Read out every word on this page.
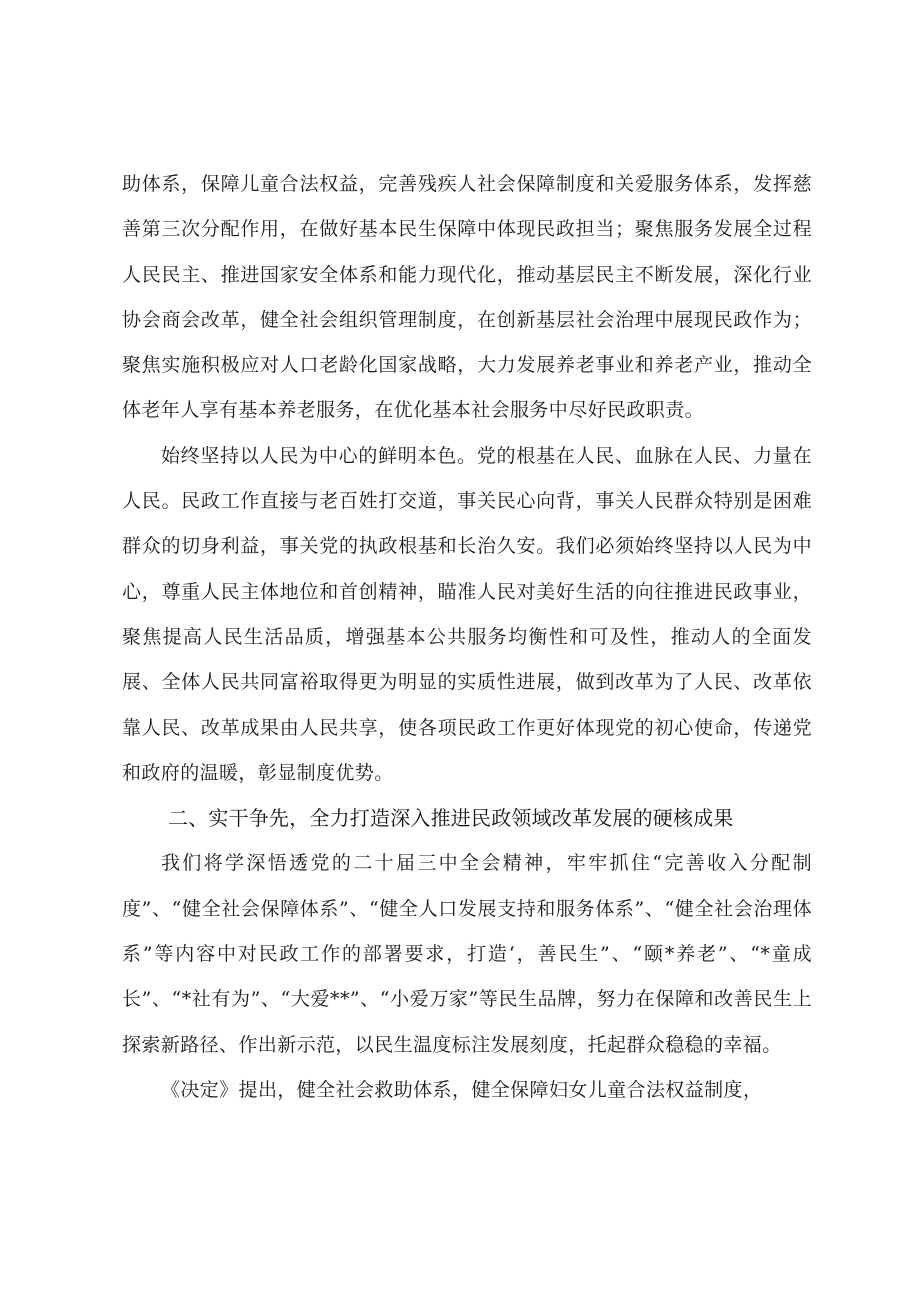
助体系，保障儿童合法权益，完善残疾人社会保障制度和关爱服务体系，发挥慈善第三次分配作用，在做好基本民生保障中体现民政担当；聚焦服务发展全过程人民民主、推进国家安全体系和能力现代化，推动基层民主不断发展，深化行业协会商会改革，健全社会组织管理制度，在创新基层社会治理中展现民政作为；聚焦实施积极应对人口老龄化国家战略，大力发展养老事业和养老产业，推动全体老年人享有基本养老服务，在优化基本社会服务中尽好民政职责。

始终坚持以人民为中心的鲜明本色。党的根基在人民、血脉在人民、力量在人民。民政工作直接与老百姓打交道，事关民心向背，事关人民群众特别是困难群众的切身利益，事关党的执政根基和长治久安。我们必须始终坚持以人民为中心，尊重人民主体地位和首创精神，瞄准人民对美好生活的向往推进民政事业，聚焦提高人民生活品质，增强基本公共服务均衡性和可及性，推动人的全面发展、全体人民共同富裕取得更为明显的实质性进展，做到改革为了人民、改革依靠人民、改革成果由人民共享，使各项民政工作更好体现党的初心使命，传递党和政府的温暖，彰显制度优势。

二、实干争先，全力打造深入推进民政领域改革发展的硬核成果

我们将学深悟透党的二十届三中全会精神，牢牢抓住“完善收入分配制度”、“健全社会保障体系”、“健全人口发展支持和服务体系”、“健全社会治理体系”等内容中对民政工作的部署要求，打造‘，善民生”、“颐*养老”、“*童成长”、“*社有为”、“大爱**”、“小爱万家”等民生品牌，努力在保障和改善民生上探索新路径、作出新示范，以民生温度标注发展刻度，托起群众稳稳的幸福。

《决定》提出，健全社会救助体系，健全保障妇女儿童合法权益制度，
